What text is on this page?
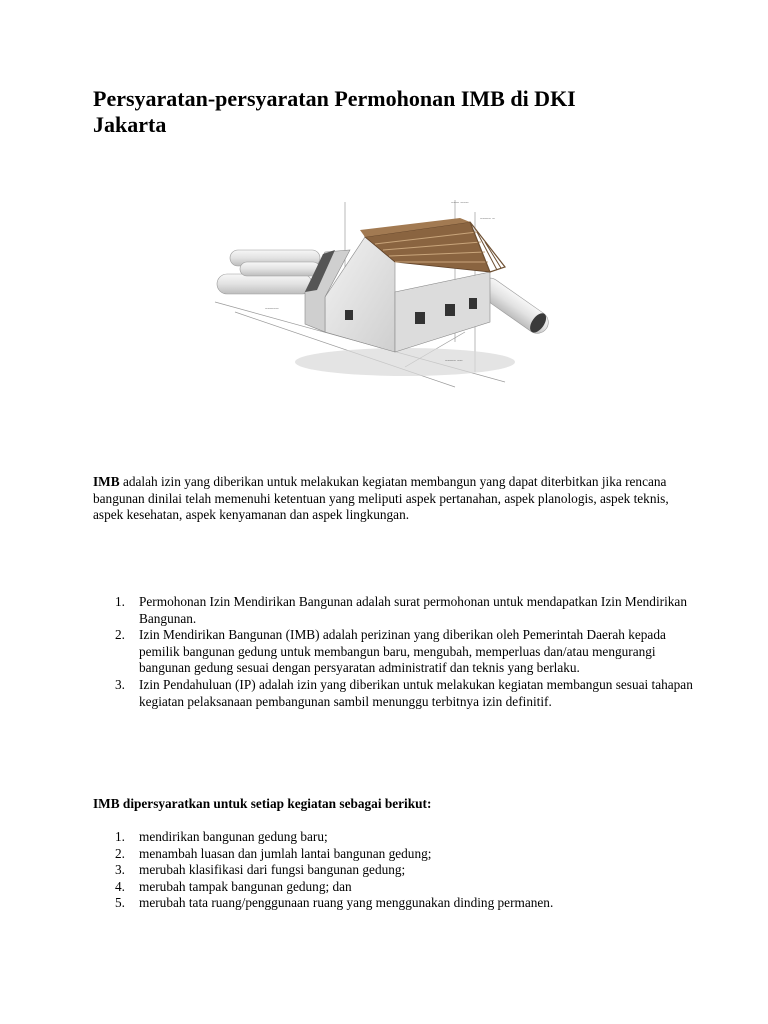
Persyaratan-persyaratan Permohonan IMB di DKI Jakarta
~~~ ~~~
~~~~ ~
~~~~~
~~~~ ~~

IMB adalah izin yang diberikan untuk melakukan kegiatan membangun yang dapat diterbitkan jika rencana bangunan dinilai telah memenuhi ketentuan yang meliputi aspek pertanahan, aspek planologis, aspek teknis, aspek kesehatan, aspek kenyamanan dan aspek lingkungan.

1. Permohonan Izin Mendirikan Bangunan adalah surat permohonan untuk mendapatkan Izin Mendirikan Bangunan.
2. Izin Mendirikan Bangunan (IMB) adalah perizinan yang diberikan oleh Pemerintah Daerah kepada pemilik bangunan gedung untuk membangun baru, mengubah, memperluas dan/atau mengurangi bangunan gedung sesuai dengan persyaratan administratif dan teknis yang berlaku.
3. Izin Pendahuluan (IP) adalah izin yang diberikan untuk melakukan kegiatan membangun sesuai tahapan kegiatan pelaksanaan pembangunan sambil menunggu terbitnya izin definitif.

IMB dipersyaratkan untuk setiap kegiatan sebagai berikut:

1. mendirikan bangunan gedung baru;
2. menambah luasan dan jumlah lantai bangunan gedung;
3. merubah klasifikasi dari fungsi bangunan gedung;
4. merubah tampak bangunan gedung; dan
5. merubah tata ruang/penggunaan ruang yang menggunakan dinding permanen.
